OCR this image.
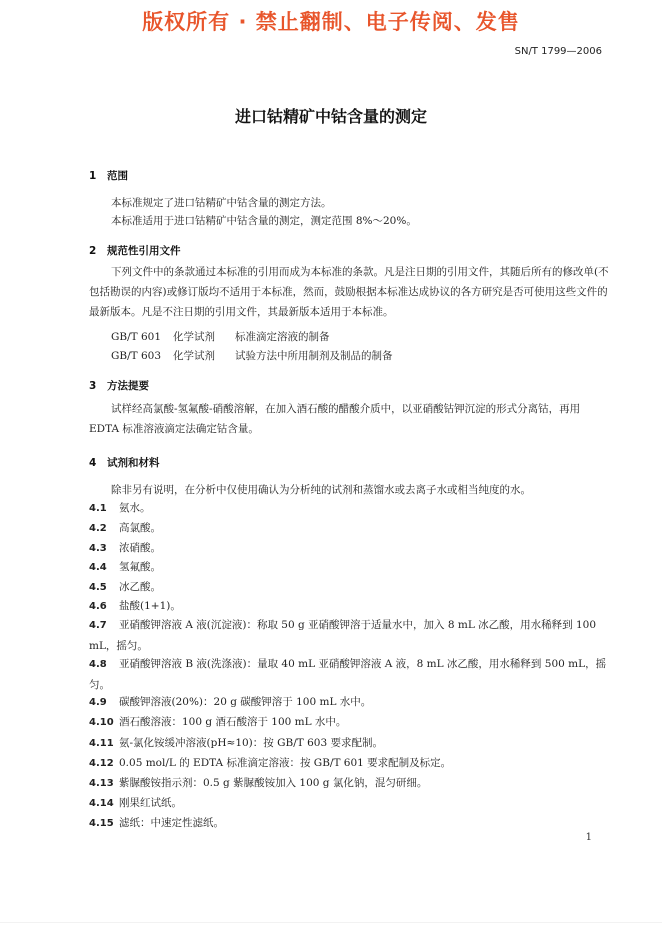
版权所有 · 禁止翻制、电子传阅、发售
SN/T 1799—2006
进口钴精矿中钴含量的测定
1 范围
本标准规定了进口钴精矿中钴含量的测定方法。
本标准适用于进口钴精矿中钴含量的测定，测定范围 8%～20%。
2 规范性引用文件
下列文件中的条款通过本标准的引用而成为本标准的条款。凡是注日期的引用文件，其随后所有的修改单(不包括勘误的内容)或修订版均不适用于本标准，然而，鼓励根据本标准达成协议的各方研究是否可使用这些文件的最新版本。凡是不注日期的引用文件，其最新版本适用于本标准。
GB/T 601 化学试剂 标准滴定溶液的制备
GB/T 603 化学试剂 试验方法中所用制剂及制品的制备
3 方法提要
试样经高氯酸-氢氟酸-硝酸溶解，在加入酒石酸的醋酸介质中，以亚硝酸钴钾沉淀的形式分离钴，再用 EDTA 标准溶液滴定法确定钴含量。
4 试剂和材料
除非另有说明，在分析中仅使用确认为分析纯的试剂和蒸馏水或去离子水或相当纯度的水。
4.1 氨水。
4.2 高氯酸。
4.3 浓硝酸。
4.4 氢氟酸。
4.5 冰乙酸。
4.6 盐酸(1+1)。
4.7 亚硝酸钾溶液 A 液(沉淀液)：称取 50 g 亚硝酸钾溶于适量水中，加入 8 mL 冰乙酸，用水稀释到 100 mL，摇匀。
4.8 亚硝酸钾溶液 B 液(洗涤液)：量取 40 mL 亚硝酸钾溶液 A 液，8 mL 冰乙酸，用水稀释到 500 mL，摇匀。
4.9 碳酸钾溶液(20%)：20 g 碳酸钾溶于 100 mL 水中。
4.10 酒石酸溶液：100 g 酒石酸溶于 100 mL 水中。
4.11 氨-氯化铵缓冲溶液(pH≈10)：按 GB/T 603 要求配制。
4.12 0.05 mol/L 的 EDTA 标准滴定溶液：按 GB/T 601 要求配制及标定。
4.13 紫脲酸铵指示剂：0.5 g 紫脲酸铵加入 100 g 氯化钠，混匀研细。
4.14 刚果红试纸。
4.15 滤纸：中速定性滤纸。
1
